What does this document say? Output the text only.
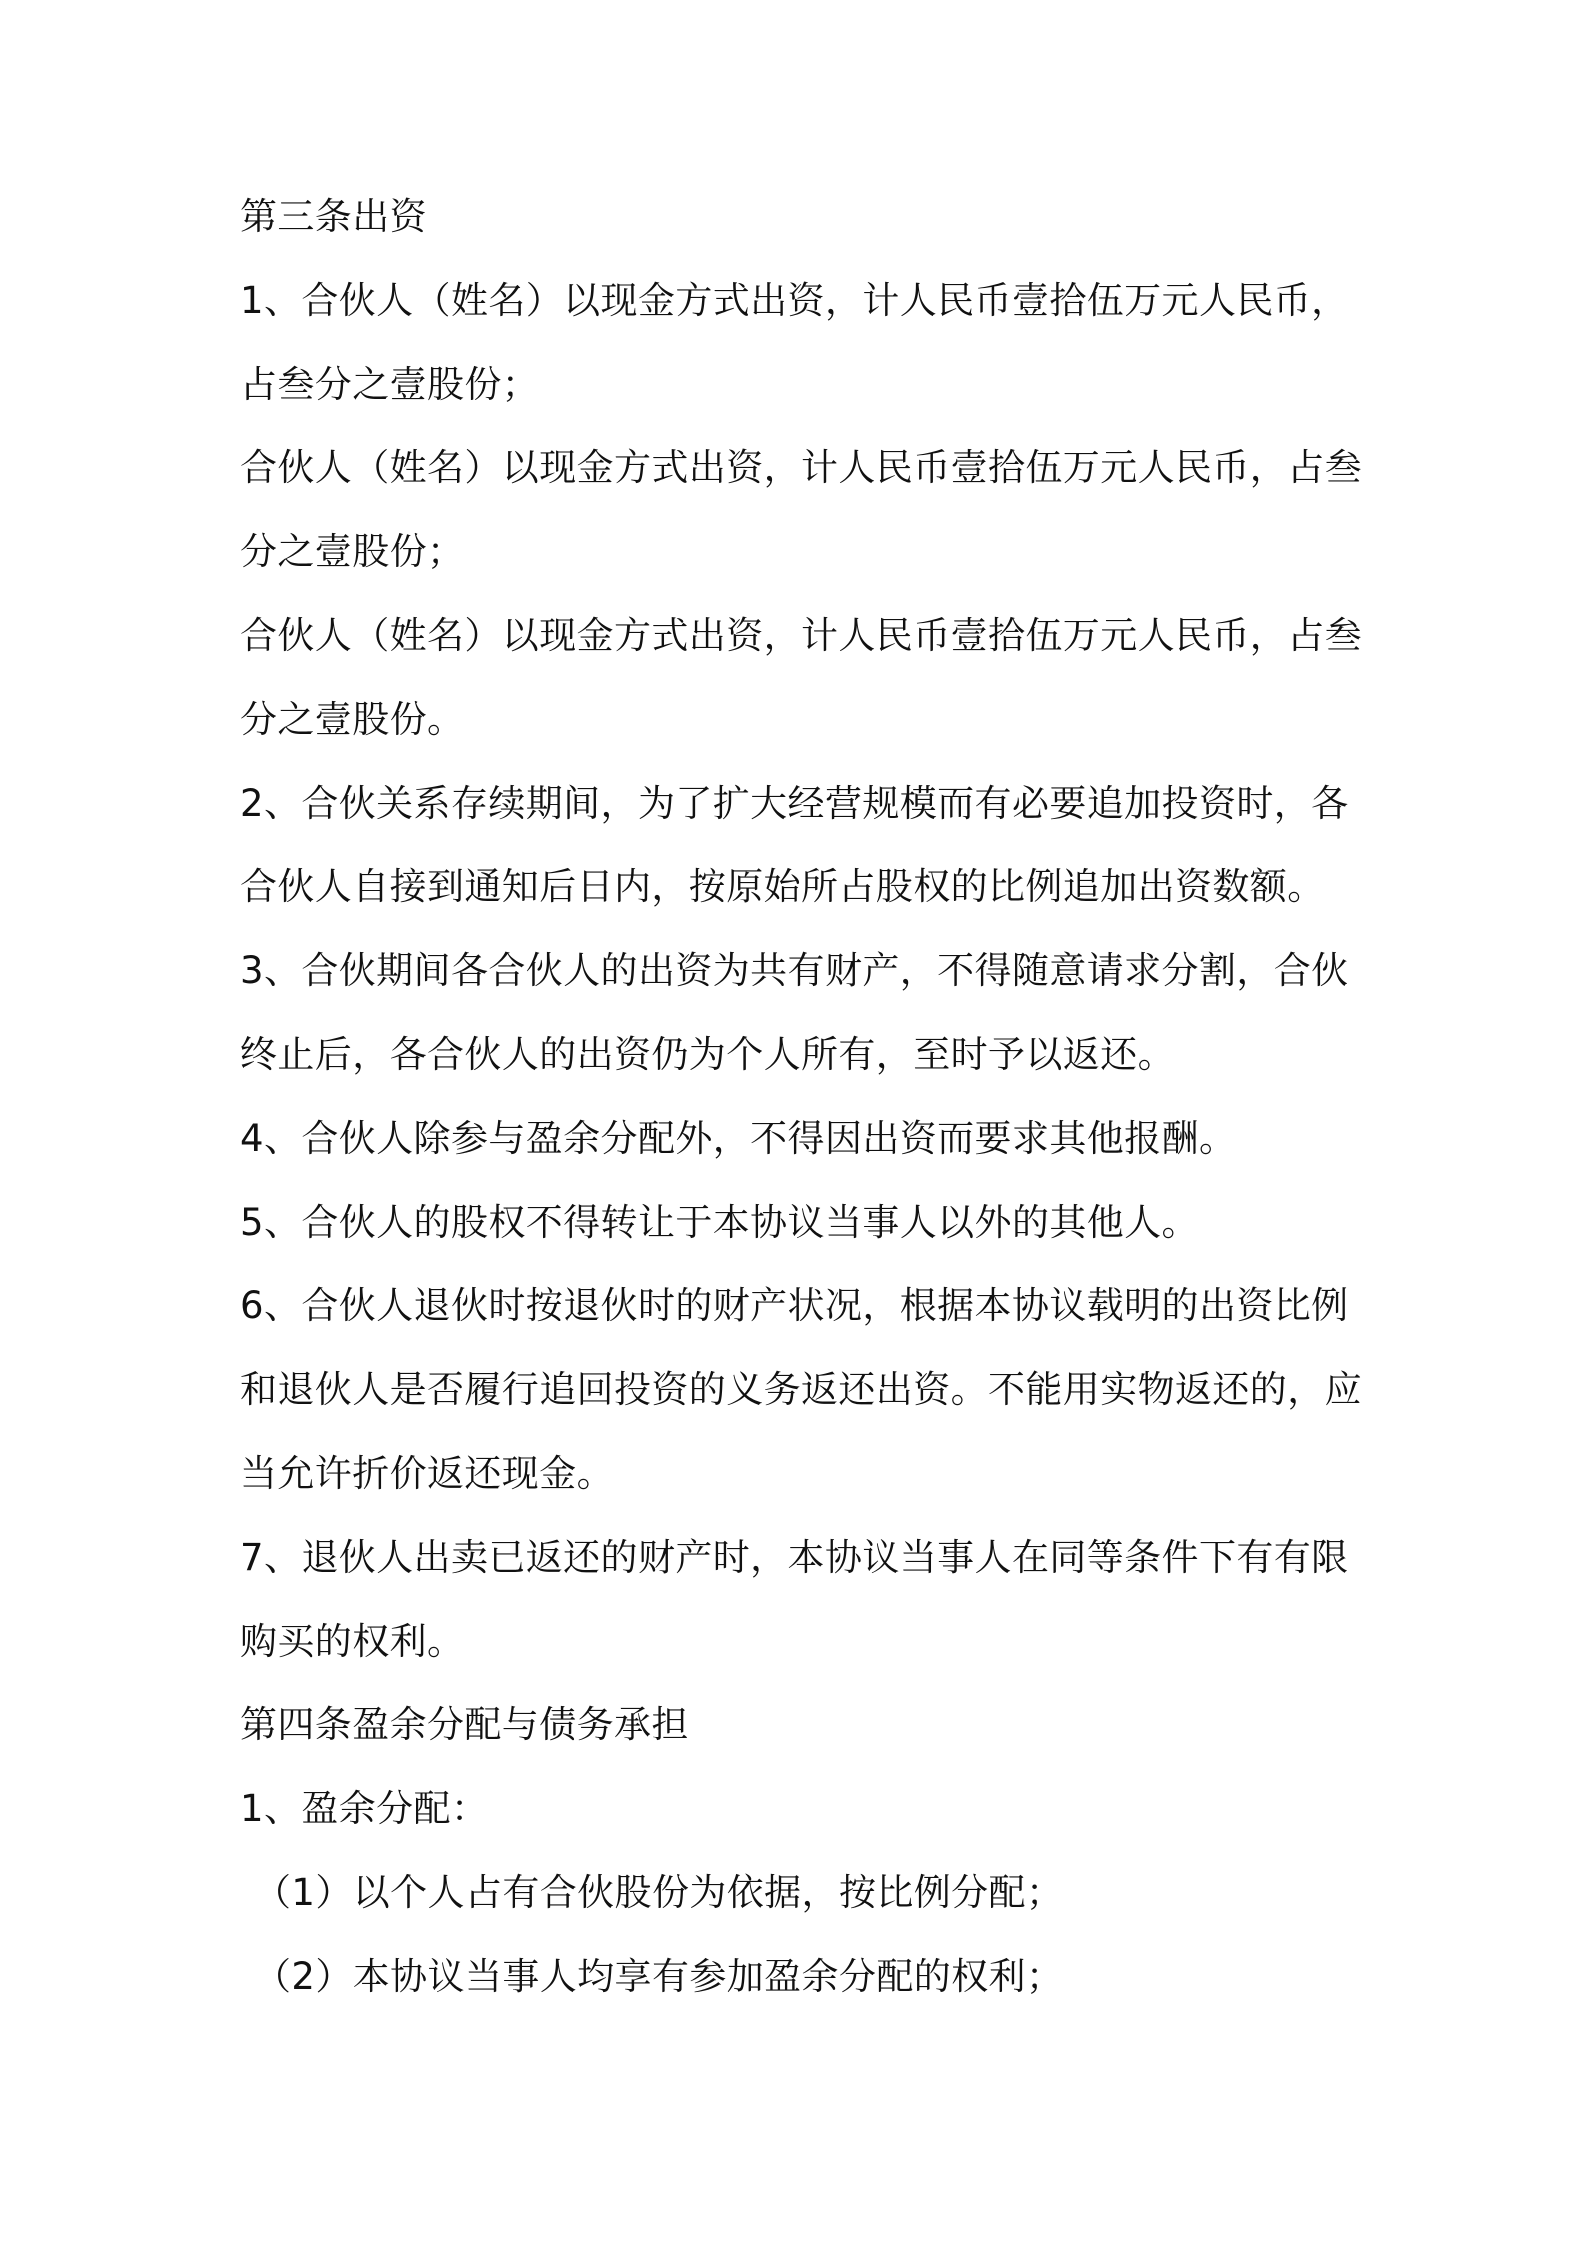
第三条出资
1、合伙人（姓名）以现金方式出资，计人民币壹拾伍万元人民币，
占叁分之壹股份；
合伙人（姓名）以现金方式出资，计人民币壹拾伍万元人民币，占叁
分之壹股份；
合伙人（姓名）以现金方式出资，计人民币壹拾伍万元人民币，占叁
分之壹股份。
2、合伙关系存续期间，为了扩大经营规模而有必要追加投资时，各
合伙人自接到通知后日内，按原始所占股权的比例追加出资数额。
3、合伙期间各合伙人的出资为共有财产，不得随意请求分割，合伙
终止后，各合伙人的出资仍为个人所有，至时予以返还。
4、合伙人除参与盈余分配外，不得因出资而要求其他报酬。
5、合伙人的股权不得转让于本协议当事人以外的其他人。
6、合伙人退伙时按退伙时的财产状况，根据本协议载明的出资比例
和退伙人是否履行追回投资的义务返还出资。不能用实物返还的，应
当允许折价返还现金。
7、退伙人出卖已返还的财产时，本协议当事人在同等条件下有有限
购买的权利。
第四条盈余分配与债务承担
1、盈余分配：
（1）以个人占有合伙股份为依据，按比例分配；
（2）本协议当事人均享有参加盈余分配的权利；
